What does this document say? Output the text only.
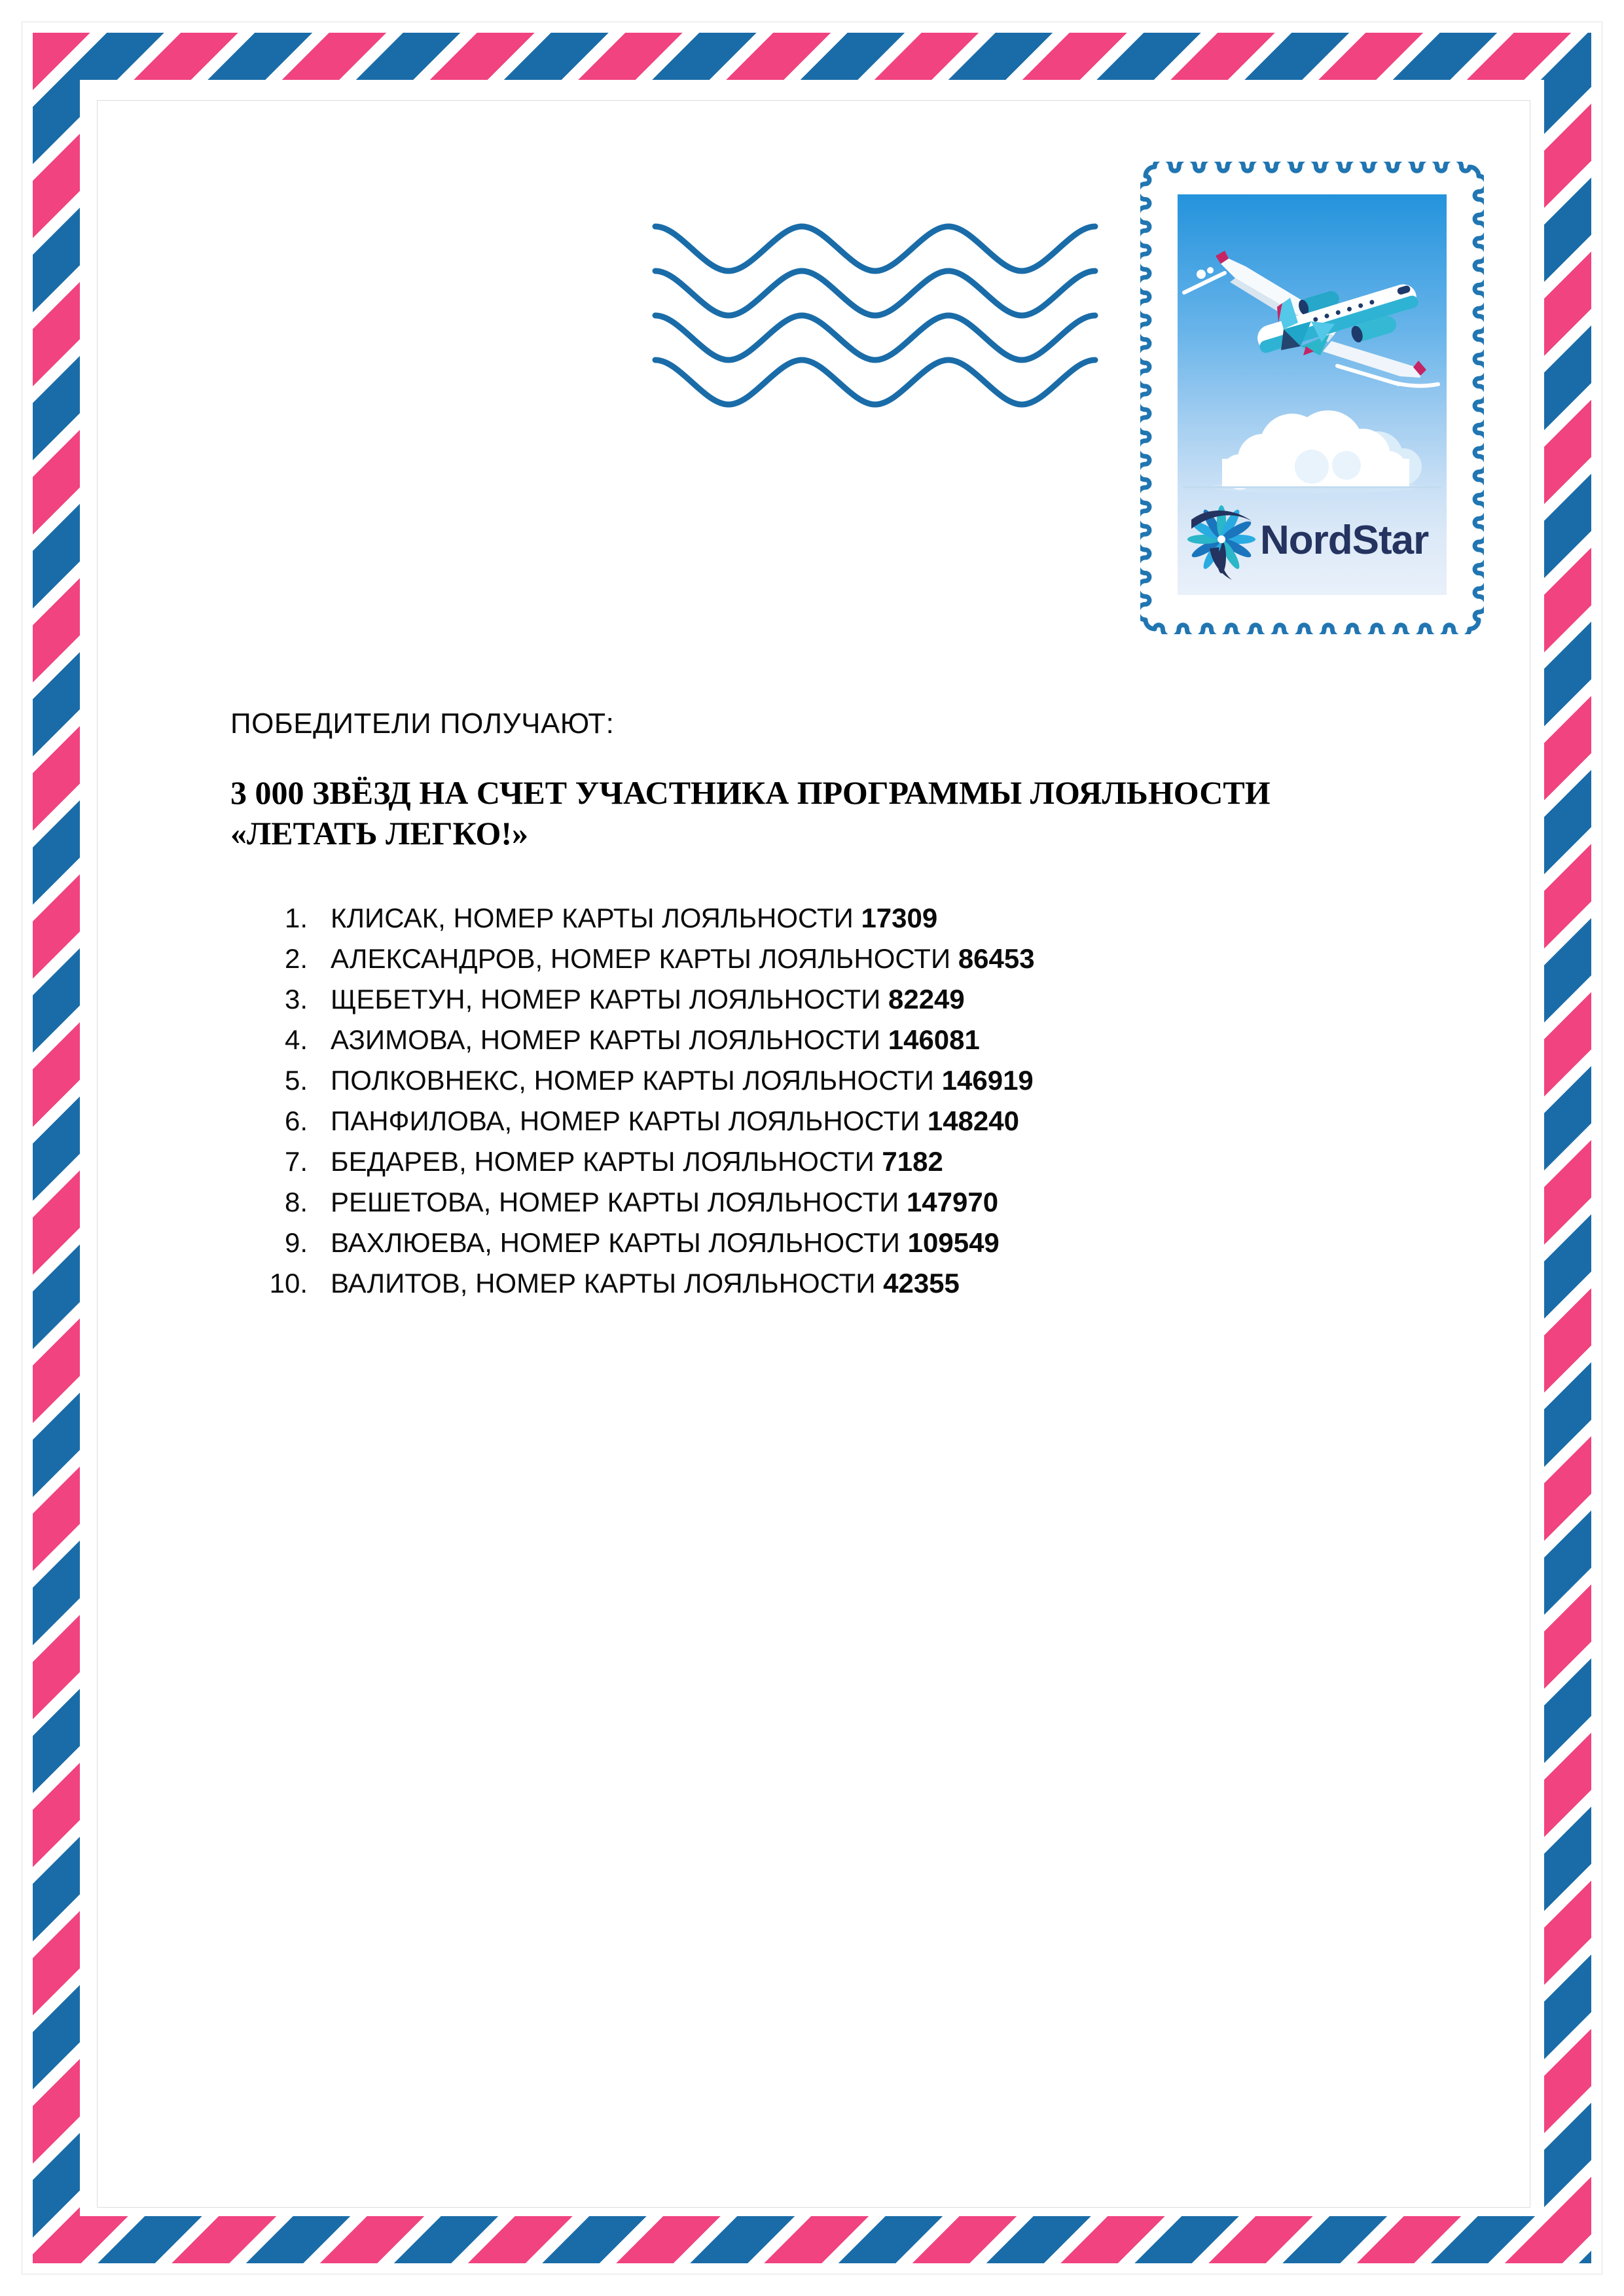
NordStar
ПОБЕДИТЕЛИ ПОЛУЧАЮТ:
3 000 ЗВЁЗД НА СЧЕТ УЧАСТНИКА ПРОГРАММЫ ЛОЯЛЬНОСТИ
«ЛЕТАТЬ ЛЕГКО!»
1. КЛИСАК, НОМЕР КАРТЫ ЛОЯЛЬНОСТИ 17309
2. АЛЕКСАНДРОВ, НОМЕР КАРТЫ ЛОЯЛЬНОСТИ 86453
3. ЩЕБЕТУН, НОМЕР КАРТЫ ЛОЯЛЬНОСТИ 82249
4. АЗИМОВА, НОМЕР КАРТЫ ЛОЯЛЬНОСТИ 146081
5. ПОЛКОВНЕКС, НОМЕР КАРТЫ ЛОЯЛЬНОСТИ 146919
6. ПАНФИЛОВА, НОМЕР КАРТЫ ЛОЯЛЬНОСТИ 148240
7. БЕДАРЕВ, НОМЕР КАРТЫ ЛОЯЛЬНОСТИ 7182
8. РЕШЕТОВА, НОМЕР КАРТЫ ЛОЯЛЬНОСТИ 147970
9. ВАХЛЮЕВА, НОМЕР КАРТЫ ЛОЯЛЬНОСТИ 109549
10. ВАЛИТОВ, НОМЕР КАРТЫ ЛОЯЛЬНОСТИ 42355
